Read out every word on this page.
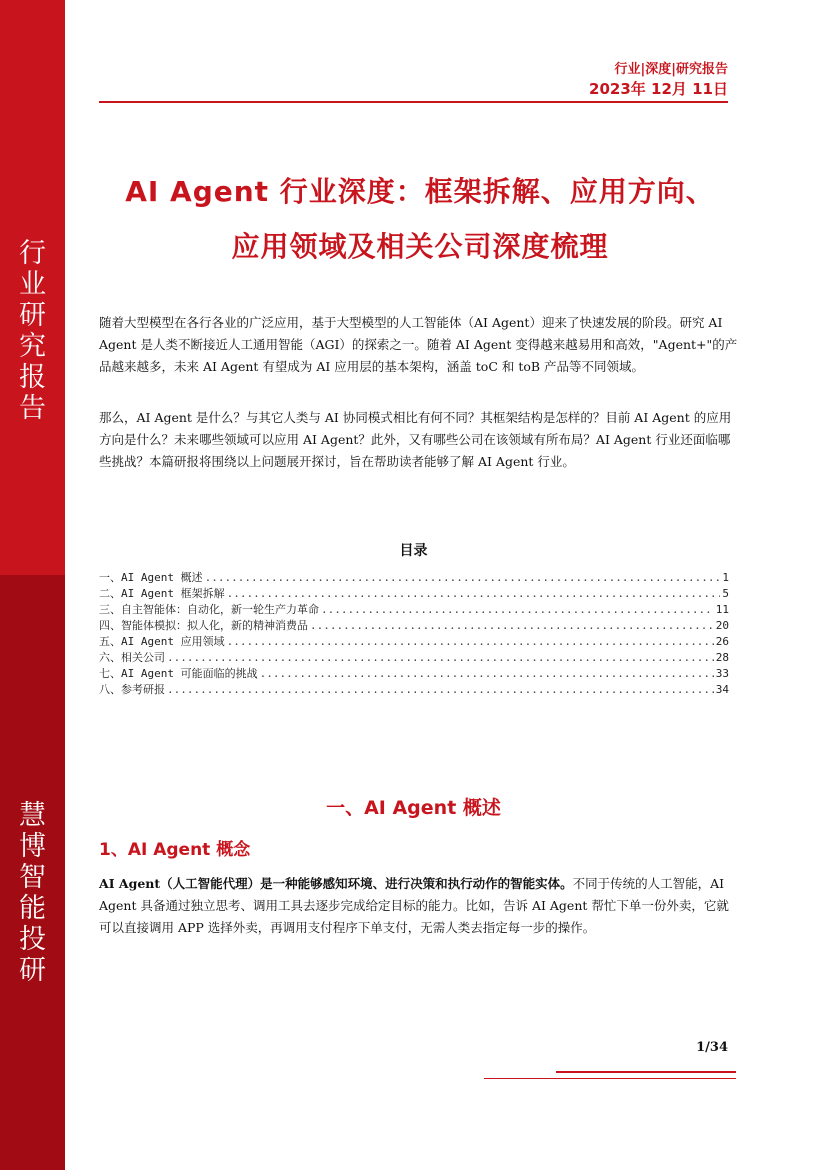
行
业
研
究
报
告
慧
博
智
能
投
研
行业|深度|研究报告
2023年 12月 11日
AI Agent 行业深度：框架拆解、应用方向、
应用领域及相关公司深度梳理
随着大型模型在各行各业的广泛应用，基于大型模型的人工智能体（AI Agent）迎来了快速发展的阶段。研究 AI Agent 是人类不断接近人工通用智能（AGI）的探索之一。随着 AI Agent 变得越来越易用和高效，"Agent+"的产品越来越多，未来 AI Agent 有望成为 AI 应用层的基本架构，涵盖 toC 和 toB 产品等不同领域。
那么，AI Agent 是什么？与其它人类与 AI 协同模式相比有何不同？其框架结构是怎样的？目前 AI Agent 的应用方向是什么？未来哪些领域可以应用 AI Agent？此外，又有哪些公司在该领域有所布局？AI Agent 行业还面临哪些挑战？本篇研报将围绕以上问题展开探讨，旨在帮助读者能够了解 AI Agent 行业。
目录
一、AI Agent 概述 .....	1
二、AI Agent 框架拆解 .....	5
三、自主智能体：自动化，新一轮生产力革命 .....	11
四、智能体模拟：拟人化，新的精神消费品 .....	20
五、AI Agent 应用领域 .....	26
六、相关公司 .....	28
七、AI Agent 可能面临的挑战 .....	33
八、参考研报 .....	34
一、AI Agent 概述
1、AI Agent 概念
AI Agent（人工智能代理）是一种能够感知环境、进行决策和执行动作的智能实体。不同于传统的人工智能，AI Agent 具备通过独立思考、调用工具去逐步完成给定目标的能力。比如，告诉 AI Agent 帮忙下单一份外卖，它就可以直接调用 APP 选择外卖，再调用支付程序下单支付，无需人类去指定每一步的操作。
1/34
